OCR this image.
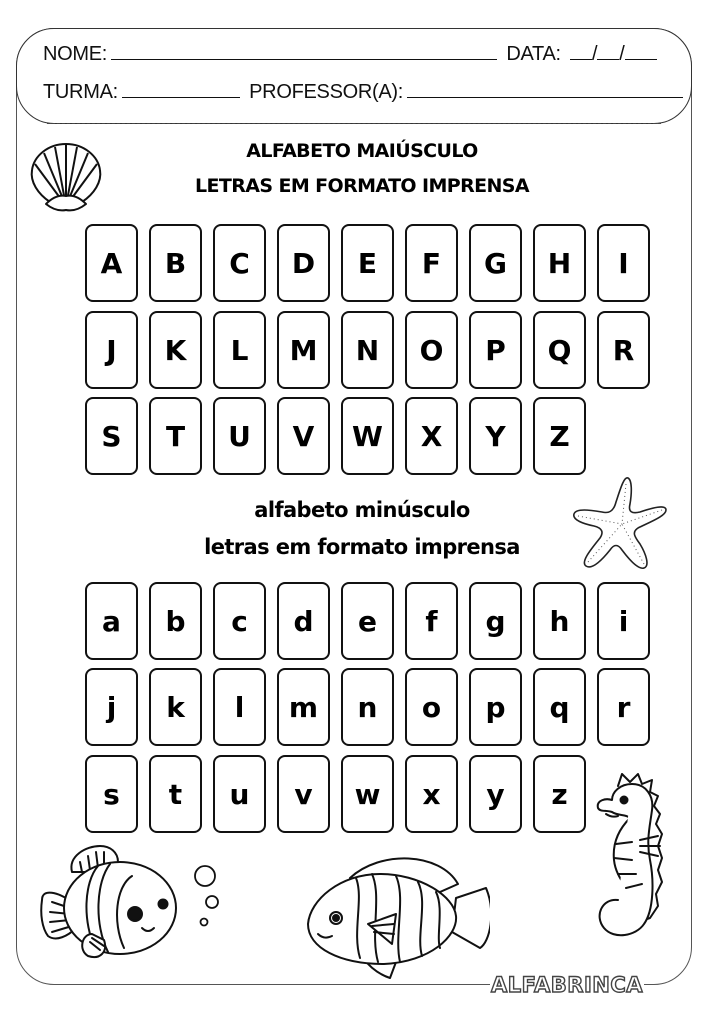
NOME:	DATA: / /
TURMA:	PROFESSOR(A):
ALFABETO MAIÚSCULO
LETRAS EM FORMATO IMPRENSA
A	B	C	D	E	F	G	H	I
J	K	L	M	N	O	P	Q	R
S	T	U	V	W	X	Y	Z
alfabeto minúsculo
letras em formato imprensa
a	b	c	d	e	f	g	h	i
j	k	l	m	n	o	p	q	r
s	t	u	v	w	x	y	z
ALFABRINCA
